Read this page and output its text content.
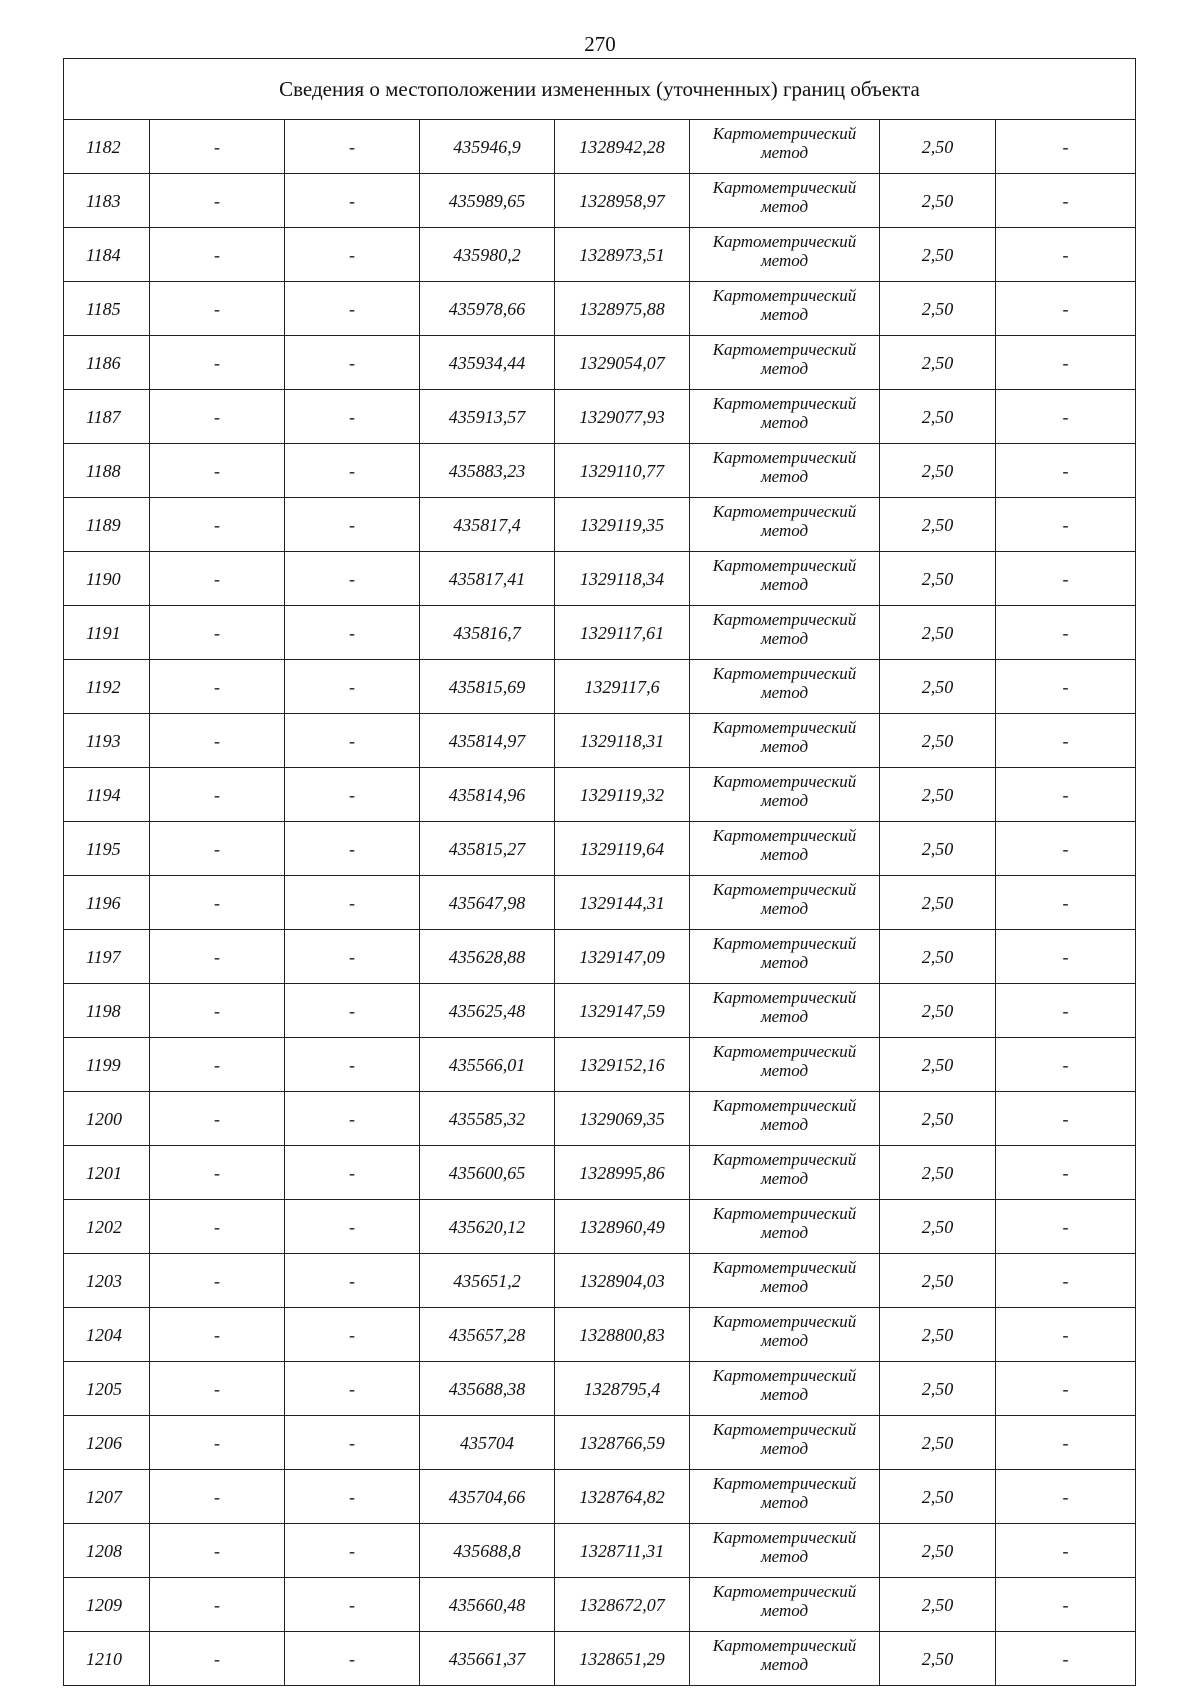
270
Сведения о местоположении измененных (уточненных) границ объекта							
1182	-	-	435946,9	1328942,28	Картометрический метод	2,50	-
1183	-	-	435989,65	1328958,97	Картометрический метод	2,50	-
1184	-	-	435980,2	1328973,51	Картометрический метод	2,50	-
1185	-	-	435978,66	1328975,88	Картометрический метод	2,50	-
1186	-	-	435934,44	1329054,07	Картометрический метод	2,50	-
1187	-	-	435913,57	1329077,93	Картометрический метод	2,50	-
1188	-	-	435883,23	1329110,77	Картометрический метод	2,50	-
1189	-	-	435817,4	1329119,35	Картометрический метод	2,50	-
1190	-	-	435817,41	1329118,34	Картометрический метод	2,50	-
1191	-	-	435816,7	1329117,61	Картометрический метод	2,50	-
1192	-	-	435815,69	1329117,6	Картометрический метод	2,50	-
1193	-	-	435814,97	1329118,31	Картометрический метод	2,50	-
1194	-	-	435814,96	1329119,32	Картометрический метод	2,50	-
1195	-	-	435815,27	1329119,64	Картометрический метод	2,50	-
1196	-	-	435647,98	1329144,31	Картометрический метод	2,50	-
1197	-	-	435628,88	1329147,09	Картометрический метод	2,50	-
1198	-	-	435625,48	1329147,59	Картометрический метод	2,50	-
1199	-	-	435566,01	1329152,16	Картометрический метод	2,50	-
1200	-	-	435585,32	1329069,35	Картометрический метод	2,50	-
1201	-	-	435600,65	1328995,86	Картометрический метод	2,50	-
1202	-	-	435620,12	1328960,49	Картометрический метод	2,50	-
1203	-	-	435651,2	1328904,03	Картометрический метод	2,50	-
1204	-	-	435657,28	1328800,83	Картометрический метод	2,50	-
1205	-	-	435688,38	1328795,4	Картометрический метод	2,50	-
1206	-	-	435704	1328766,59	Картометрический метод	2,50	-
1207	-	-	435704,66	1328764,82	Картометрический метод	2,50	-
1208	-	-	435688,8	1328711,31	Картометрический метод	2,50	-
1209	-	-	435660,48	1328672,07	Картометрический метод	2,50	-
1210	-	-	435661,37	1328651,29	Картометрический метод	2,50	-
